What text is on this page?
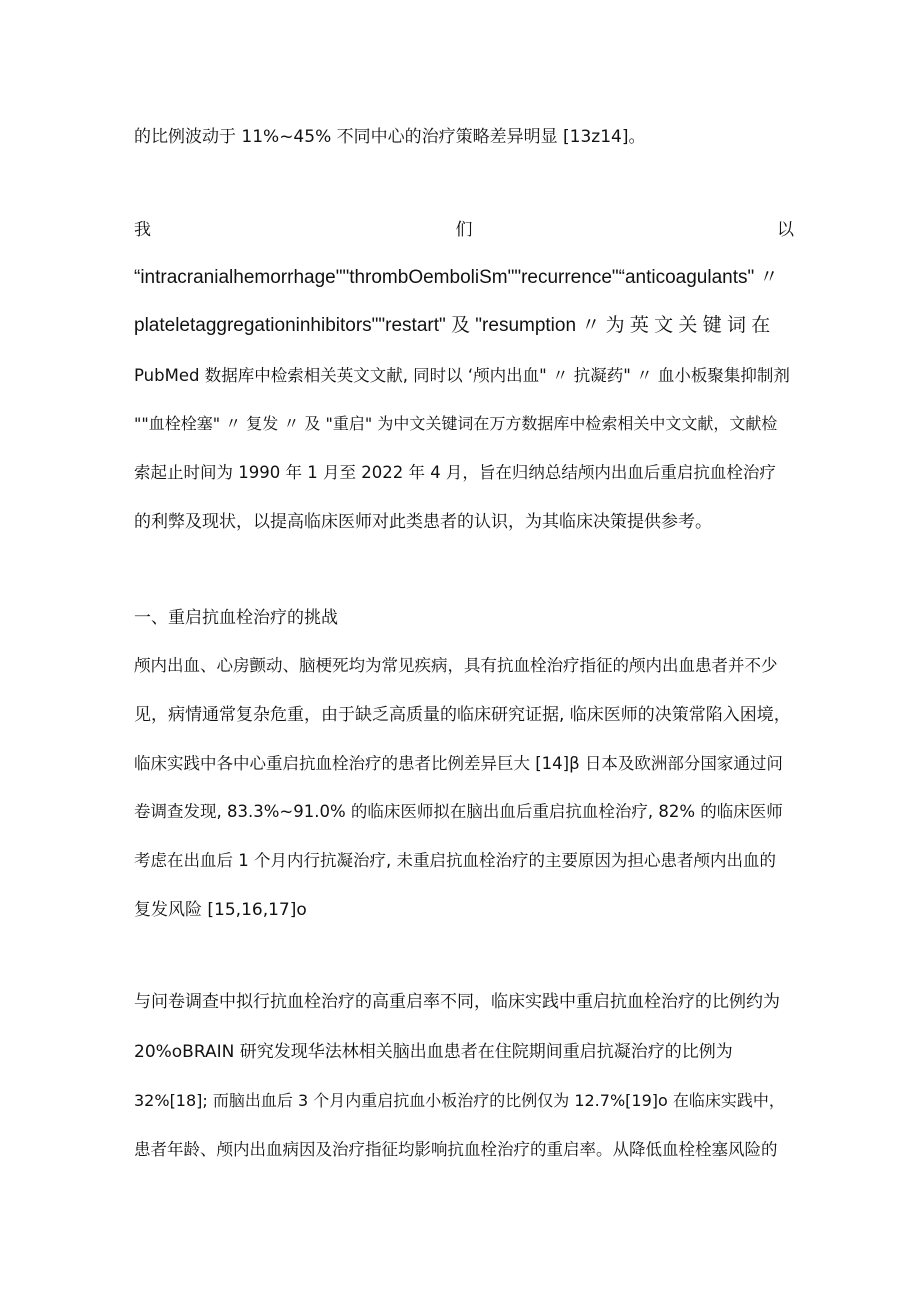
的比例波动于 11%~45% 不同中心的治疗策略差异明显 [13z14]。
我	们	以
“intracranialhemorrhage""thrombOemboliSm""recurrence"“anticoagulants" 〃
plateletaggregationinhibitors""restart" 及 "resumption 〃 为 英 文 关 键 词 在
PubMed 数据库中检索相关英文文献, 同时以 ‘颅内出血" 〃 抗凝药" 〃 血小板聚集抑制剂
""血栓栓塞" 〃 复发 〃 及 "重启" 为中文关键词在万方数据库中检索相关中文文献，文献检
索起止时间为 1990 年 1 月至 2022 年 4 月，旨在归纳总结颅内出血后重启抗血栓治疗
的利弊及现状，以提高临床医师对此类患者的认识，为其临床决策提供参考。
一、重启抗血栓治疗的挑战
颅内出血、心房颤动、脑梗死均为常见疾病，具有抗血栓治疗指征的颅内出血患者并不少
见，病情通常复杂危重，由于缺乏高质量的临床研究证据, 临床医师的决策常陷入困境，
临床实践中各中心重启抗血栓治疗的患者比例差异巨大 [14]β 日本及欧洲部分国家通过问
卷调查发现, 83.3%~91.0% 的临床医师拟在脑出血后重启抗血栓治疗, 82% 的临床医师
考虑在出血后 1 个月内行抗凝治疗, 未重启抗血栓治疗的主要原因为担心患者颅内出血的
复发风险 [15,16,17]o
与问卷调查中拟行抗血栓治疗的高重启率不同，临床实践中重启抗血栓治疗的比例约为
20%oBRAIN 研究发现华法林相关脑出血患者在住院期间重启抗凝治疗的比例为
32%[18]; 而脑出血后 3 个月内重启抗血小板治疗的比例仅为 12.7%[19]o 在临床实践中，
患者年龄、颅内出血病因及治疗指征均影响抗血栓治疗的重启率。从降低血栓栓塞风险的
